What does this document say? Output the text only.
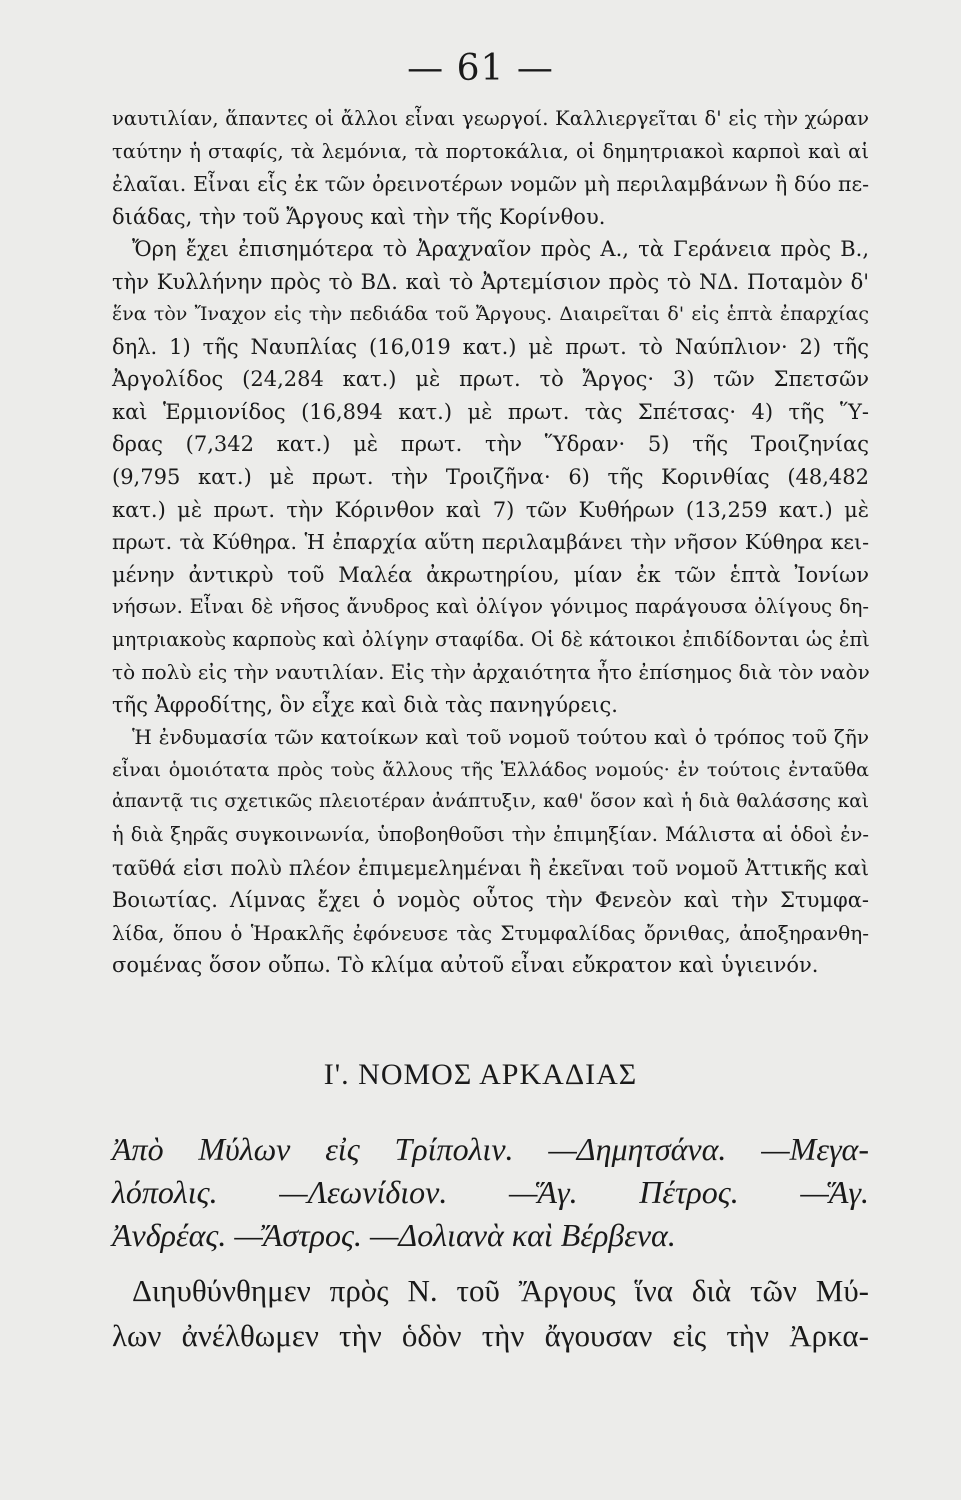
— 61 —
ναυτιλίαν, ἅπαντες οἱ ἄλλοι εἶναι γεωργοί. Καλλιεργεῖται δ' εἰς τὴν χώραν
ταύτην ἡ σταφίς, τὰ λεμόνια, τὰ πορτοκάλια, οἱ δημητριακοὶ καρποὶ καὶ αἱ
ἐλαῖαι. Εἶναι εἷς ἐκ τῶν ὀρεινοτέρων νομῶν μὴ περιλαμβάνων ἢ δύο πε-
διάδας, τὴν τοῦ Ἄργους καὶ τὴν τῆς Κορίνθου.
Ὄρη ἔχει ἐπισημότερα τὸ Ἀραχναῖον πρὸς Α., τὰ Γεράνεια πρὸς Β.,
τὴν Κυλλήνην πρὸς τὸ ΒΔ. καὶ τὸ Ἀρτεμίσιον πρὸς τὸ ΝΔ. Ποταμὸν δ'
ἕνα τὸν Ἴναχον εἰς τὴν πεδιάδα τοῦ Ἄργους. Διαιρεῖται δ' εἰς ἑπτὰ ἐπαρχίας
δηλ. 1) τῆς Ναυπλίας (16,019 κατ.) μὲ πρωτ. τὸ Ναύπλιον· 2) τῆς
Ἀργολίδος (24,284 κατ.) μὲ πρωτ. τὸ Ἄργος· 3) τῶν Σπετσῶν
καὶ Ἑρμιονίδος (16,894 κατ.) μὲ πρωτ. τὰς Σπέτσας· 4) τῆς Ὕ-
δρας (7,342 κατ.) μὲ πρωτ. τὴν Ὕδραν· 5) τῆς Τροιζηνίας
(9,795 κατ.) μὲ πρωτ. τὴν Τροιζῆνα· 6) τῆς Κορινθίας (48,482
κατ.) μὲ πρωτ. τὴν Κόρινθον καὶ 7) τῶν Κυθήρων (13,259 κατ.) μὲ
πρωτ. τὰ Κύθηρα. Ἡ ἐπαρχία αὕτη περιλαμβάνει τὴν νῆσον Κύθηρα κει-
μένην ἀντικρὺ τοῦ Μαλέα ἀκρωτηρίου, μίαν ἐκ τῶν ἑπτὰ Ἰονίων
νήσων. Εἶναι δὲ νῆσος ἄνυδρος καὶ ὀλίγον γόνιμος παράγουσα ὀλίγους δη-
μητριακοὺς καρποὺς καὶ ὀλίγην σταφίδα. Οἱ δὲ κάτοικοι ἐπιδίδονται ὡς ἐπὶ
τὸ πολὺ εἰς τὴν ναυτιλίαν. Εἰς τὴν ἀρχαιότητα ἦτο ἐπίσημος διὰ τὸν ναὸν
τῆς Ἀφροδίτης, ὃν εἶχε καὶ διὰ τὰς πανηγύρεις.
Ἡ ἐνδυμασία τῶν κατοίκων καὶ τοῦ νομοῦ τούτου καὶ ὁ τρόπος τοῦ ζῆν
εἶναι ὁμοιότατα πρὸς τοὺς ἄλλους τῆς Ἑλλάδος νομούς· ἐν τούτοις ἐνταῦθα
ἀπαντᾷ τις σχετικῶς πλειοτέραν ἀνάπτυξιν, καθ' ὅσον καὶ ἡ διὰ θαλάσσης καὶ
ἡ διὰ ξηρᾶς συγκοινωνία, ὑποβοηθοῦσι τὴν ἐπιμηξίαν. Μάλιστα αἱ ὁδοὶ ἐν-
ταῦθά εἰσι πολὺ πλέον ἐπιμεμελημέναι ἢ ἐκεῖναι τοῦ νομοῦ Ἀττικῆς καὶ
Βοιωτίας. Λίμνας ἔχει ὁ νομὸς οὗτος τὴν Φενεὸν καὶ τὴν Στυμφα-
λίδα, ὅπου ὁ Ἡρακλῆς ἐφόνευσε τὰς Στυμφαλίδας ὄρνιθας, ἀποξηρανθη-
σομένας ὅσον οὔπω. Τὸ κλίμα αὐτοῦ εἶναι εὔκρατον καὶ ὑγιεινόν.
Ι'. ΝΟΜΟΣ ΑΡΚΑΔΙΑΣ
Ἀπὸ Μύλων εἰς Τρίπολιν. —Δημητσάνα. —Μεγα-
λόπολις. —Λεωνίδιον. —Ἅγ. Πέτρος. —Ἅγ.
Ἀνδρέας. —Ἄστρος. —Δολιανὰ καὶ Βέρβενα.
Διηυθύνθημεν πρὸς Ν. τοῦ Ἄργους ἵνα διὰ τῶν Μύ-
λων ἀνέλθωμεν τὴν ὁδὸν τὴν ἄγουσαν εἰς τὴν Ἀρκα-
